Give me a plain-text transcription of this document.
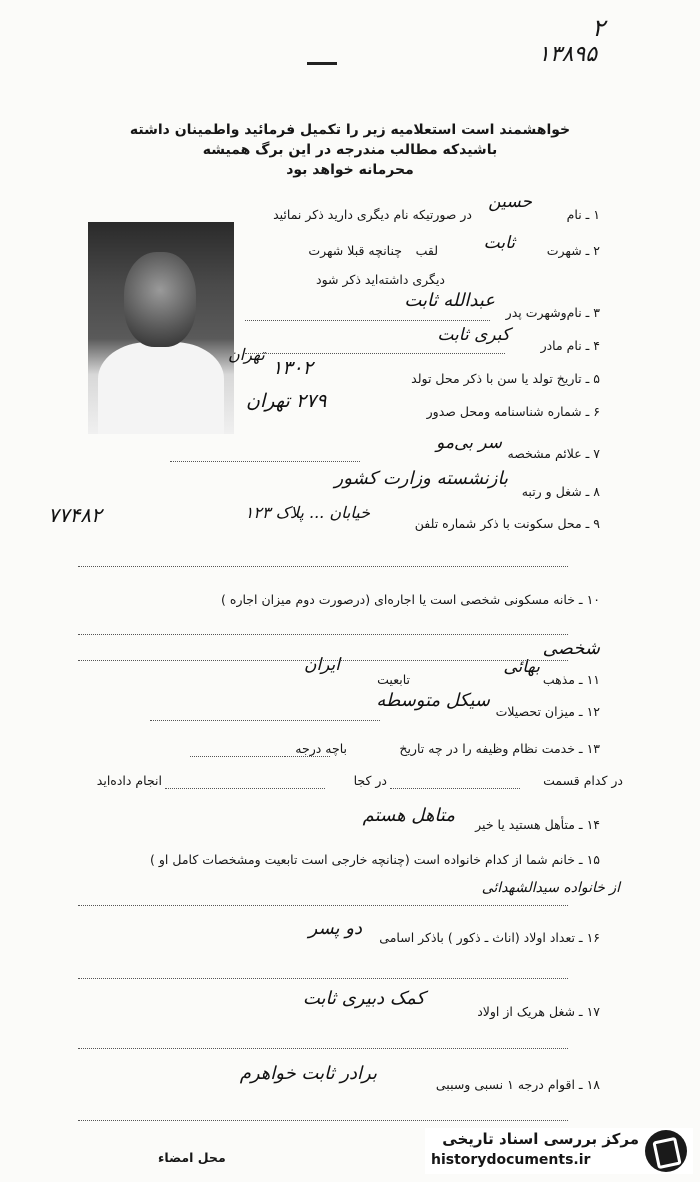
۱۳۸۹۵
۲
خواهشمند است استعلامیه زیر را تکمیل فرمائید واطمینان داشته
باشیدکه مطالب مندرجه در این برگ همیشه
محرمانه خواهد بود
۱ ـ نام
حسین
در صورتیکه نام دیگری دارید ذکر نمائید
۲ ـ شهرت
ثابت
لقب
چنانچه قبلا شهرت
دیگری داشته‌اید ذکر شود
۳ ـ نام‌وشهرت پدر
عبدالله ثابت
۴ ـ نام مادر
کبری ثابت
۵ ـ تاریخ تولد یا سن با ذکر محل تولد
۱۳۰۲
تهران
۶ ـ شماره شناسنامه ومحل صدور
۲۷۹ تهران
۷ ـ علائم مشخصه
سر بی‌مو
۸ ـ شغل و رتبه
بازنشسته وزارت کشور
۹ ـ محل سکونت با ذکر شماره تلفن
خیابان ... پلاک ۱۲۳
۷۷۴۸۲
۱۰ ـ خانه مسکونی شخصی است یا اجاره‌ای (درصورت دوم میزان اجاره )
شخصی
۱۱ ـ مذهب
بهائی
تابعیت
ایران
۱۲ ـ میزان تحصیلات
سیکل متوسطه
۱۳ ـ خدمت نظام وظیفه را در چه تاریخ
باچه درجه
در کدام قسمت
در کجا
انجام داده‌اید
۱۴ ـ متأهل هستید یا خیر
متاهل هستم
۱۵ ـ خانم شما از کدام خانواده است (چنانچه خارجی است تابعیت ومشخصات کامل او )
از خانواده سیدالشهدائی
۱۶ ـ تعداد اولاد (اناث ـ ذکور ) باذکر اسامی
دو پسر
۱۷ ـ شغل هریک از اولاد
کمک دبیری ثابت
۱۸ ـ اقوام درجه ۱ نسبی وسببی
برادر ثابت خواهرم
محل امضاء
مرکز بررسی اسناد تاریخی
historydocuments.ir
